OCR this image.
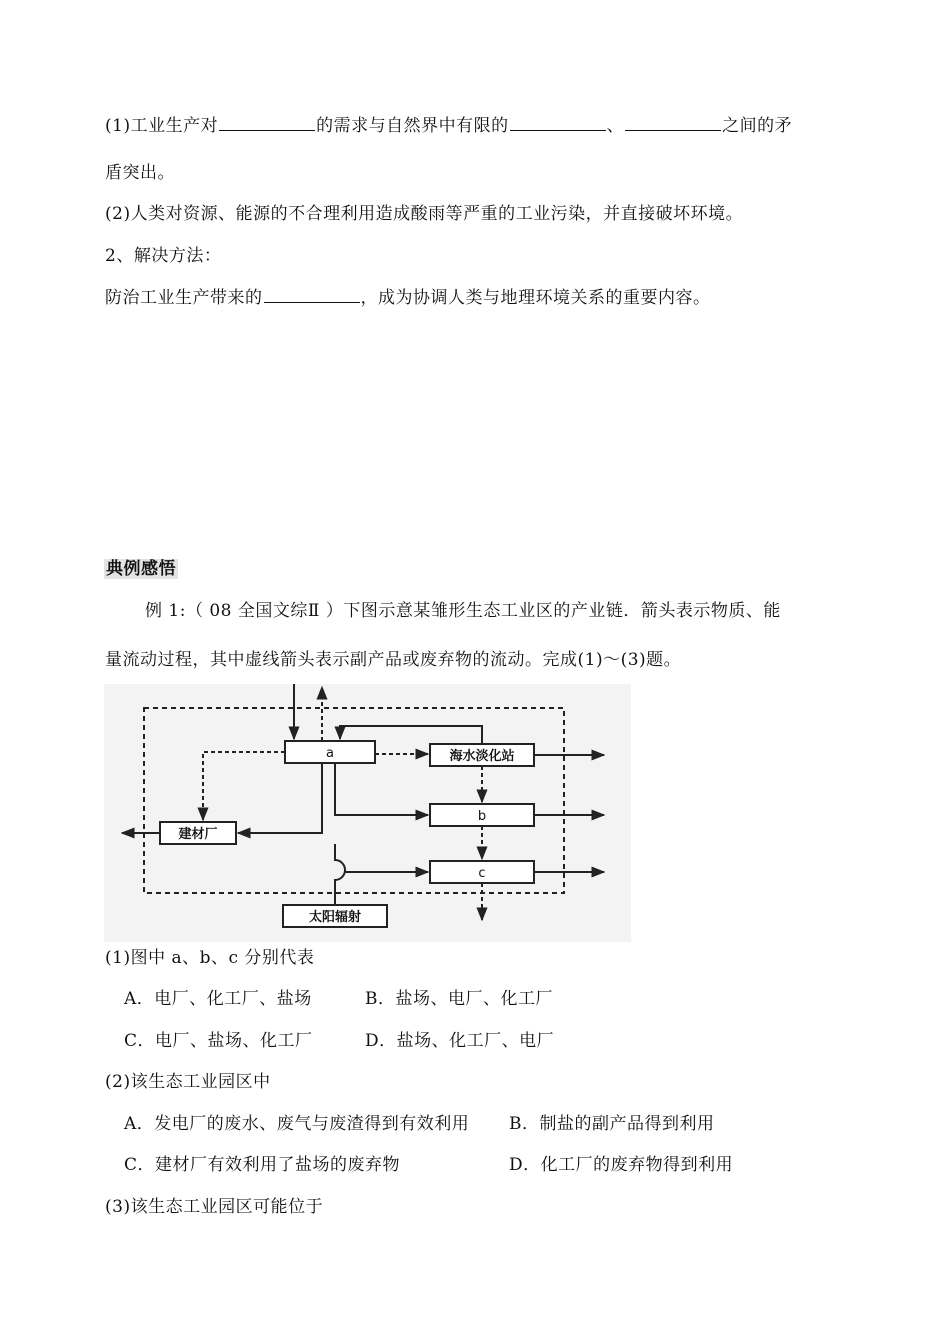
(1)工业生产对	的需求与自然界中有限的	、	之间的矛
盾突出。
(2)人类对资源、能源的不合理利用造成酸雨等严重的工业污染，并直接破坏环境。
2、解决方法：
防治工业生产带来的	，成为协调人类与地理环境关系的重要内容。
典例感悟
例 1:（ 08 全国文综Ⅱ ）下图示意某雏形生态工业区的产业链．箭头表示物质、能
量流动过程，其中虚线箭头表示副产品或废弃物的流动。完成(1)～(3)题。
a	海水淡化站
b
c
建材厂
太阳辐射
(1)图中 a、b、c 分别代表
A．电厂、化工厂、盐场	B．盐场、电厂、化工厂
C．电厂、盐场、化工厂	D．盐场、化工厂、电厂
(2)该生态工业园区中
A．发电厂的废水、废气与废渣得到有效利用 B．制盐的副产品得到利用
C．建材厂有效利用了盐场的废弃物	D．化工厂的废弃物得到利用
(3)该生态工业园区可能位于
